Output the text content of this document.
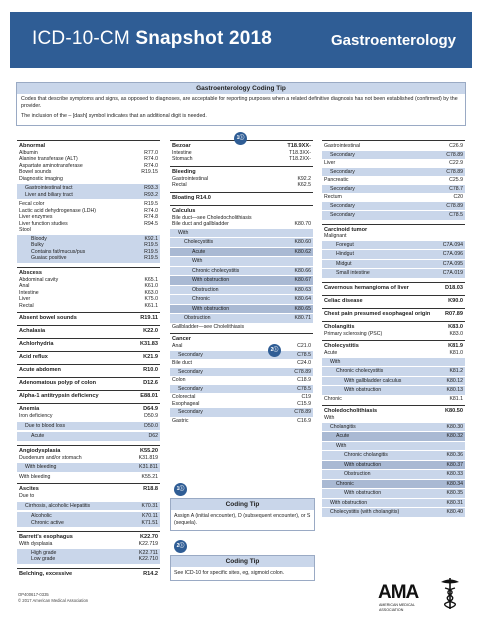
ICD-10-CM Snapshot 2018	Gastroenterology
Gastroenterology Coding Tip

Codes that describe symptoms and signs, as opposed to diagnoses, are acceptable for reporting purposes when a related definitive diagnosis has not been established (confirmed) by the provider.

The inclusion of the – [dash] symbol indicates that an additional digit is needed.

Abnormal
Albumin	R77.0
Alanine transferase (ALT)	R74.0
Aspartate aminotransferase	R74.0
Bowel sounds	R19.15
Diagnostic imaging
Gastrointestinal tract	R93.3
Liver and biliary tract	R93.2
Fecal color	R19.5
Lactic acid dehydrogenase (LDH)	R74.0
Liver enzymes	R74.8
Liver function studies	R94.5
Stool
Bloody	K92.1
Bulky	R19.5
Contains fat/mucus/pus	R19.5
Guaiac positive	R19.5
Abscess
Abdominal cavity	K65.1
Anal	K61.0
Intestine	K63.0
Liver	K75.0
Rectal	K61.1
Absent bowel sounds	R19.11
Achalasia	K22.0
Achlorhydria	K31.83
Acid reflux	K21.9
Acute abdomen	R10.0
Adenomatous polyp of colon	D12.6
Alpha-1 antitrypsin deficiency	E88.01
Anemia	D64.9
Iron deficiency	D50.9
Due to blood loss	D50.0
Acute	D62
Angiodysplasia	K55.20
Duodenum and/or stomach	K31.819
With bleeding	K31.811
With bleeding	K55.21
Ascites	R18.8
Due to
Cirrhosis, alcoholic Hepatitis	K70.31
Alcoholic	K70.11
Chronic active	K71.51
Barrett's esophagus	K22.70
With dysplasia	K22.719
High grade	K22.711
Low grade	K22.710
Belching, excessive	R14.2
Bezoar	T18.9XX-
Intestine	T18.3XX-
Stomach	T18.2XX-
Bleeding
Gastrointestinal	K92.2
Rectal	K62.5
Bloating R14.0
Calculus
Bile duct—see Choledocholithiasis
Bile duct and gallbladder	K80.70
With
Cholecystitis	K80.60
Acute	K80.62
With
Chronic cholecystitis	K80.66
With obstruction	K80.67
Obstruction	K80.63
Chronic	K80.64
With obstruction	K80.65
Obstruction	K80.71
Gallbladder—see Cholelithiasis
Cancer
Anal	C21.0
Secondary	C78.5
Bile duct	C24.0
Secondary	C78.89
Colon	C18.9
Secondary	C78.5
Colorectal	C19
Esophageal	C15.9
Secondary	C78.89
Gastric	C16.9
Gastrointestinal	C26.9
Secondary	C78.89
Liver	C22.9
Secondary	C78.89
Pancreatic	C25.9
Secondary	C78.7
Rectum	C20
Secondary	C78.89
Secondary	C78.5
Carcinoid tumor
Malignant
Foregut	C7A.094
Hindgut	C7A.096
Midgut	C7A.095
Small intestine	C7A.019
Cavernous hemangioma of liver	D18.03
Celiac disease	K90.0
Chest pain presumed esophageal origin	R07.89
Cholangitis	K83.0
Primary sclerosing (PSC)	K83.0
Cholecystitis	K81.9
Acute	K81.0
With
Chronic cholecystitis	K81.2
With gallbladder calculus	K80.12
With obstruction	K80.13
Chronic	K81.1
Choledocholithiasis	K80.50
With
Cholangitis	K80.30
Acute	K80.32
With
Chronic cholangitis	K80.36
With obstruction	K80.37
Obstruction	K80.33
Chronic	K80.34
With obstruction	K80.35
With obstruction	K80.31
Cholecystitis (with cholangitis)	K80.40
1ⓘ
2ⓘ
1ⓘ
2ⓘ
Coding Tip
Assign A (initial encounter), D (subsequent encounter), or S (sequela).
Coding Tip
See ICD-10 for specific sites, eg, sigmoid colon.
OP400617-0335
© 2017 American Medical Association	AMA
AMERICAN MEDICAL
ASSOCIATION
